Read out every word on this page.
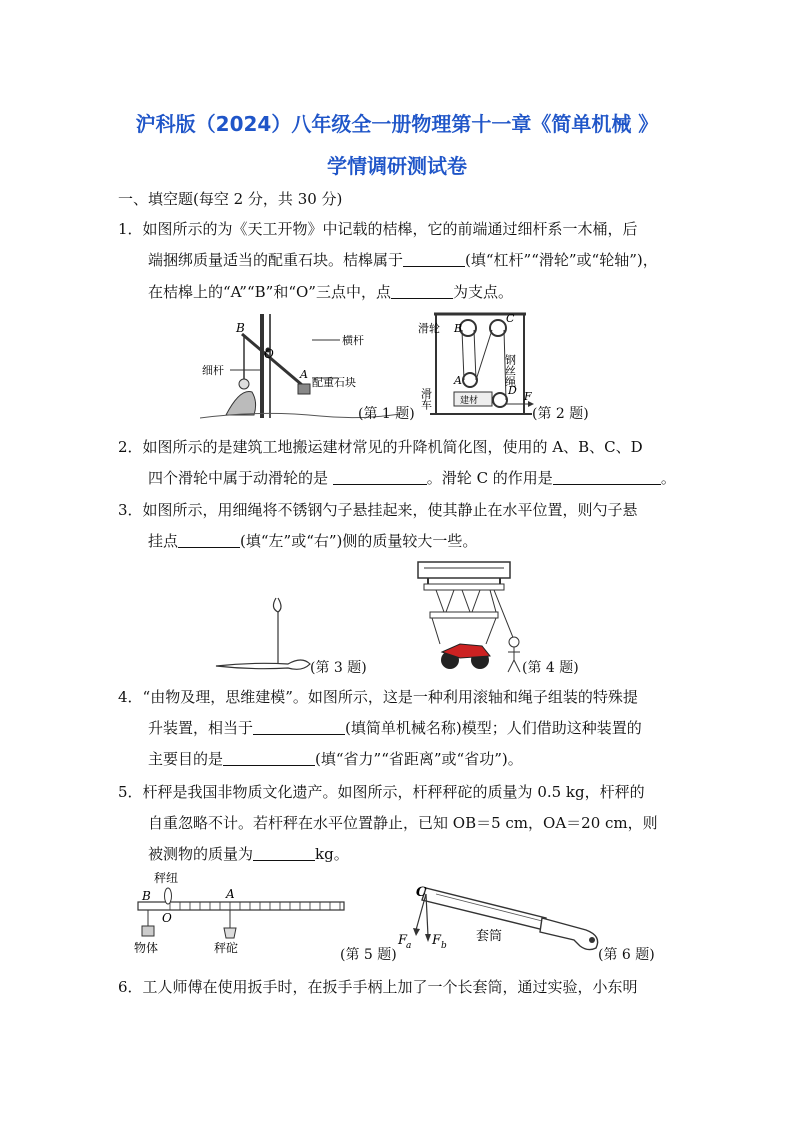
沪科版（2024）八年级全一册物理第十一章《简单机械 》
学情调研测试卷
一、填空题(每空 2 分，共 30 分)
1．如图所示的为《天工开物》中记载的桔槔，它的前端通过细杆系一木桶，后
端捆绑质量适当的配重石块。桔槔属于	(填“杠杆”“滑轮”或“轮轴”)，
在桔槔上的“A”“B”和“O”三点中，点	为支点。
B
O
A
横杆
细杆
配重石块
(第 1 题)
滑轮 B
C
A
D
钢丝绳
滑车	建材	F
(第 2 题)
2．如图所示的是建筑工地搬运建材常见的升降机简化图，使用的 A、B、C、D
四个滑轮中属于动滑轮的是	。滑轮 C 的作用是	。
3．如图所示，用细绳将不锈钢勺子悬挂起来，使其静止在水平位置，则勺子悬
挂点	(填“左”或“右”)侧的质量较大一些。
(第 3 题)	(第 4 题)
4．“由物及理，思维建模”。如图所示，这是一种利用滚轴和绳子组装的特殊提
升装置，相当于	(填简单机械名称)模型；人们借助这种装置的
主要目的是	(填“省力”“省距离”或“省功”)。
5．杆秤是我国非物质文化遗产。如图所示，杆秤秤砣的质量为 0.5 kg，杆秤的
自重忽略不计。若杆秤在水平位置静止，已知 OB＝5 cm，OA＝20 cm，则
被测物的质量为	kg。
B
O
A
秤纽
物体	秤砣	(第 5 题)
C
F
a F b
套筒
(第 6 题)
6．工人师傅在使用扳手时，在扳手手柄上加了一个长套筒，通过实验，小东明
